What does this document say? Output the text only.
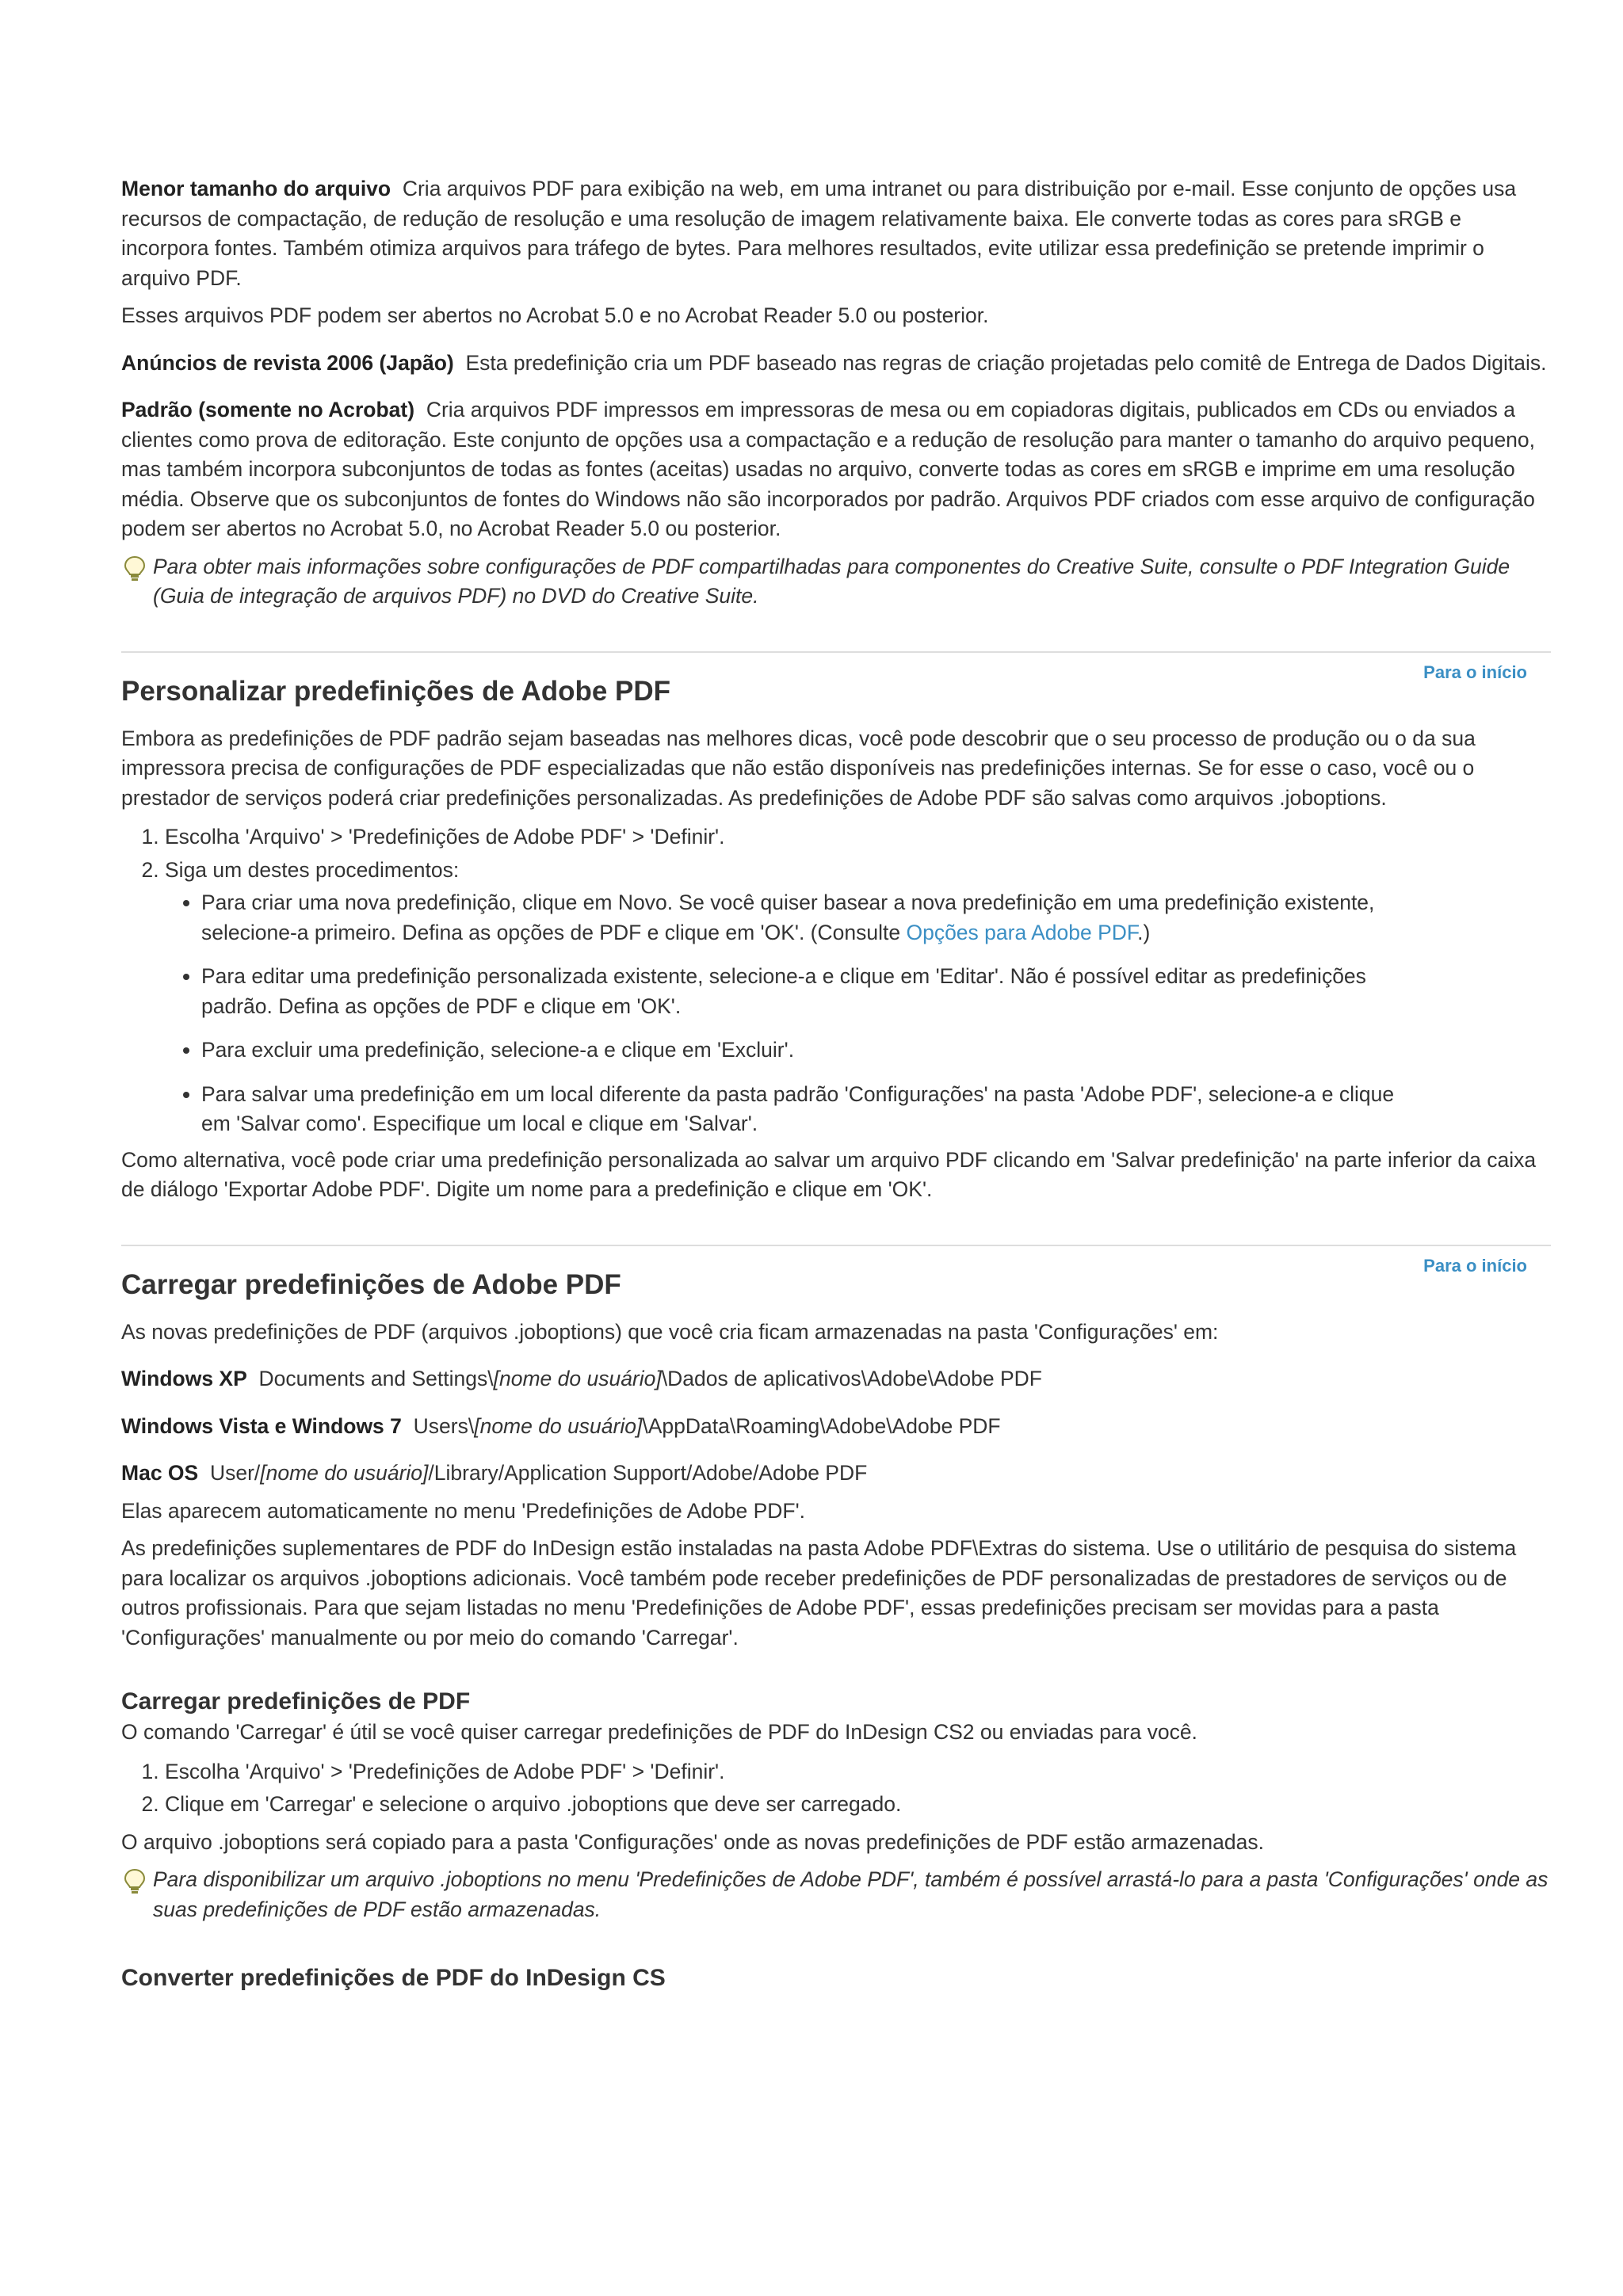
Menor tamanho do arquivo Cria arquivos PDF para exibição na web, em uma intranet ou para distribuição por e-mail. Esse conjunto de opções usa recursos de compactação, de redução de resolução e uma resolução de imagem relativamente baixa. Ele converte todas as cores para sRGB e incorpora fontes. Também otimiza arquivos para tráfego de bytes. Para melhores resultados, evite utilizar essa predefinição se pretende imprimir o arquivo PDF.

Esses arquivos PDF podem ser abertos no Acrobat 5.0 e no Acrobat Reader 5.0 ou posterior.

Anúncios de revista 2006 (Japão) Esta predefinição cria um PDF baseado nas regras de criação projetadas pelo comitê de Entrega de Dados Digitais.

Padrão (somente no Acrobat) Cria arquivos PDF impressos em impressoras de mesa ou em copiadoras digitais, publicados em CDs ou enviados a clientes como prova de editoração. Este conjunto de opções usa a compactação e a redução de resolução para manter o tamanho do arquivo pequeno, mas também incorpora subconjuntos de todas as fontes (aceitas) usadas no arquivo, converte todas as cores em sRGB e imprime em uma resolução média. Observe que os subconjuntos de fontes do Windows não são incorporados por padrão. Arquivos PDF criados com esse arquivo de configuração podem ser abertos no Acrobat 5.0, no Acrobat Reader 5.0 ou posterior.

Para obter mais informações sobre configurações de PDF compartilhadas para componentes do Creative Suite, consulte o PDF Integration Guide (Guia de integração de arquivos PDF) no DVD do Creative Suite.

Para o início
Personalizar predefinições de Adobe PDF

Embora as predefinições de PDF padrão sejam baseadas nas melhores dicas, você pode descobrir que o seu processo de produção ou o da sua impressora precisa de configurações de PDF especializadas que não estão disponíveis nas predefinições internas. Se for esse o caso, você ou o prestador de serviços poderá criar predefinições personalizadas. As predefinições de Adobe PDF são salvas como arquivos .joboptions.

1. Escolha 'Arquivo' > 'Predefinições de Adobe PDF' > 'Definir'.
2. Siga um destes procedimentos:
• Para criar uma nova predefinição, clique em Novo. Se você quiser basear a nova predefinição em uma predefinição existente, selecione-a primeiro. Defina as opções de PDF e clique em 'OK'. (Consulte Opções para Adobe PDF.)
• Para editar uma predefinição personalizada existente, selecione-a e clique em 'Editar'. Não é possível editar as predefinições padrão. Defina as opções de PDF e clique em 'OK'.
• Para excluir uma predefinição, selecione-a e clique em 'Excluir'.
• Para salvar uma predefinição em um local diferente da pasta padrão 'Configurações' na pasta 'Adobe PDF', selecione-a e clique em 'Salvar como'. Especifique um local e clique em 'Salvar'.

Como alternativa, você pode criar uma predefinição personalizada ao salvar um arquivo PDF clicando em 'Salvar predefinição' na parte inferior da caixa de diálogo 'Exportar Adobe PDF'. Digite um nome para a predefinição e clique em 'OK'.

Para o início
Carregar predefinições de Adobe PDF

As novas predefinições de PDF (arquivos .joboptions) que você cria ficam armazenadas na pasta 'Configurações' em:

Windows XP Documents and Settings\[nome do usuário]\Dados de aplicativos\Adobe\Adobe PDF

Windows Vista e Windows 7 Users\[nome do usuário]\AppData\Roaming\Adobe\Adobe PDF

Mac OS User/[nome do usuário]/Library/Application Support/Adobe/Adobe PDF

Elas aparecem automaticamente no menu 'Predefinições de Adobe PDF'.

As predefinições suplementares de PDF do InDesign estão instaladas na pasta Adobe PDF\Extras do sistema. Use o utilitário de pesquisa do sistema para localizar os arquivos .joboptions adicionais. Você também pode receber predefinições de PDF personalizadas de prestadores de serviços ou de outros profissionais. Para que sejam listadas no menu 'Predefinições de Adobe PDF', essas predefinições precisam ser movidas para a pasta 'Configurações' manualmente ou por meio do comando 'Carregar'.

Carregar predefinições de PDF

O comando 'Carregar' é útil se você quiser carregar predefinições de PDF do InDesign CS2 ou enviadas para você.

1. Escolha 'Arquivo' > 'Predefinições de Adobe PDF' > 'Definir'.
2. Clique em 'Carregar' e selecione o arquivo .joboptions que deve ser carregado.

O arquivo .joboptions será copiado para a pasta 'Configurações' onde as novas predefinições de PDF estão armazenadas.

Para disponibilizar um arquivo .joboptions no menu 'Predefinições de Adobe PDF', também é possível arrastá-lo para a pasta 'Configurações' onde as suas predefinições de PDF estão armazenadas.

Converter predefinições de PDF do InDesign CS
